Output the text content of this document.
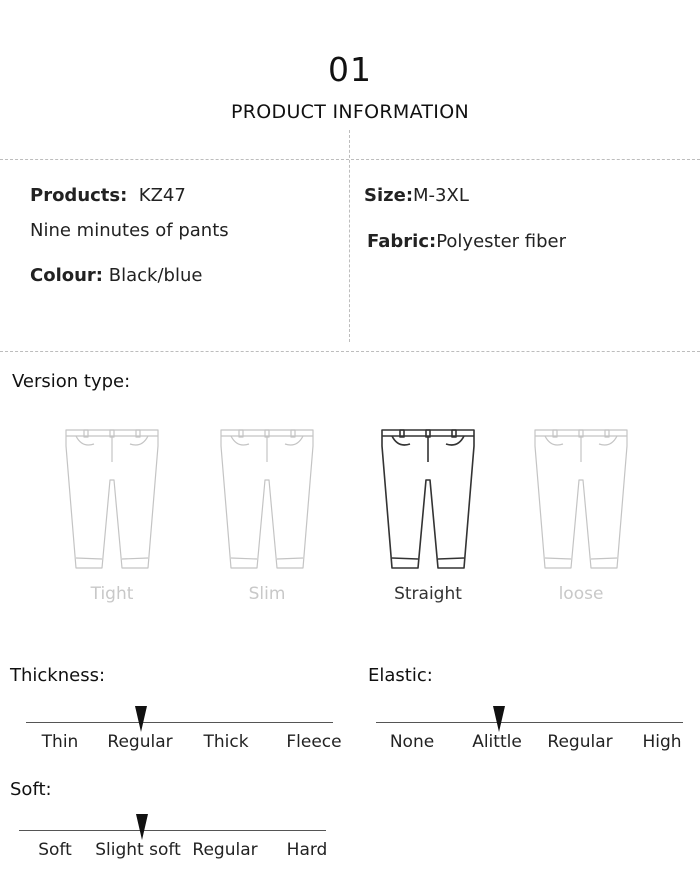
01
PRODUCT INFORMATION
Products: KZ47
Nine minutes of pants
Colour: Black/blue
Size:M-3XL
Fabric:Polyester fiber
Version type:
Tight	Slim	Straight	loose
Thickness:
Thin Regular Thick Fleece
Elastic:
None Alittle Regular High
Soft:
Soft Slight soft Regular Hard
